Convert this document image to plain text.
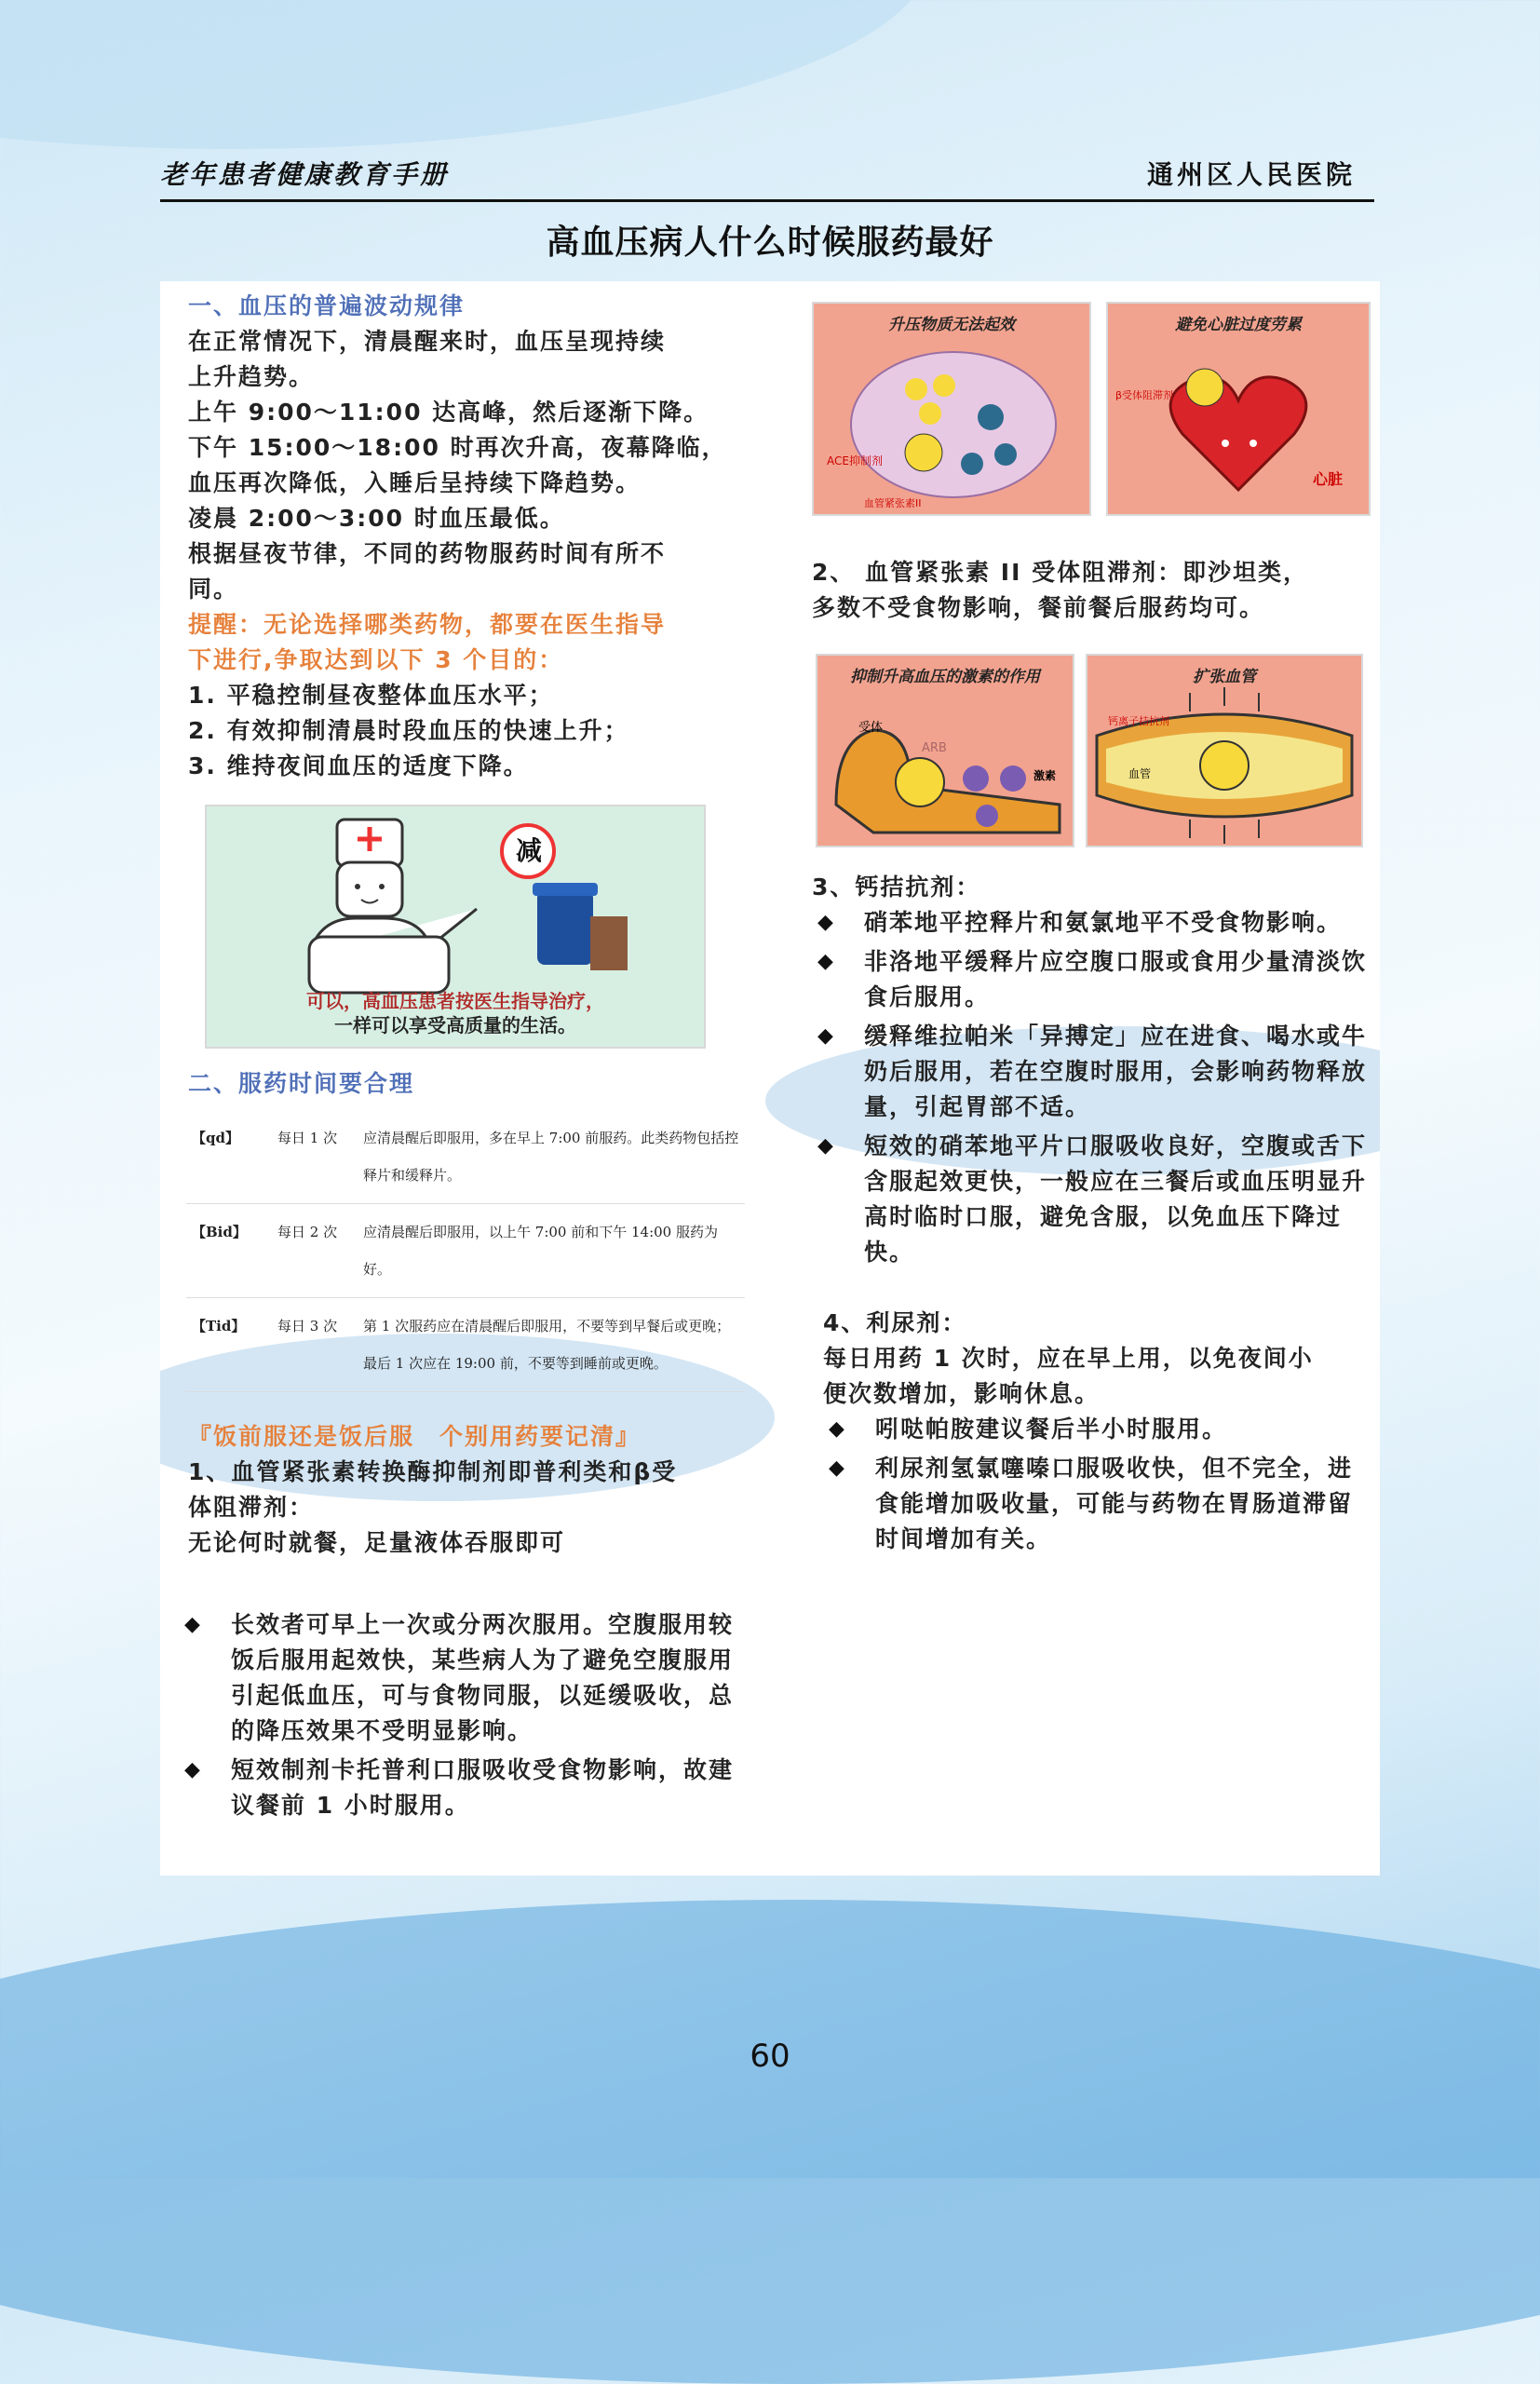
老年患者健康教育手册	通州区人民医院
高血压病人什么时候服药最好

一、血压的普遍波动规律

在正常情况下，清晨醒来时，血压呈现持续

上升趋势。

上午 9:00～11:00 达高峰，然后逐渐下降。

下午 15:00～18:00 时再次升高，夜幕降临，

血压再次降低，入睡后呈持续下降趋势。

凌晨 2:00～3:00 时血压最低。

根据昼夜节律，不同的药物服药时间有所不

同。

提醒：无论选择哪类药物，都要在医生指导

下进行,争取达到以下 3 个目的：

1. 平稳控制昼夜整体血压水平；

2. 有效抑制清晨时段血压的快速上升；

3. 维持夜间血压的适度下降。

减
可以，高血压患者按医生指导治疗，
一样可以享受高质量的生活。
二、服药时间要合理
【qd】	每日 1 次	应清晨醒后即服用，多在早上 7:00 前服药。此类药物包括控释片和缓释片。
【Bid】	每日 2 次	应清晨醒后即服用，以上午 7:00 前和下午 14:00 服药为好。
【Tid】	每日 3 次	第 1 次服药应在清晨醒后即服用，不要等到早餐后或更晚；最后 1 次应在 19:00 前，不要等到睡前或更晚。

『饭前服还是饭后服　个别用药要记清』

1、血管紧张素转换酶抑制剂即普利类和β受

体阻滞剂：

无论何时就餐，足量液体吞服即可

◆ 长效者可早上一次或分两次服用。空腹服用较饭后服用起效快，某些病人为了避免空腹服用引起低血压，可与食物同服，以延缓吸收，总的降压效果不受明显影响。
◆ 短效制剂卡托普利口服吸收受食物影响，故建议餐前 1 小时服用。
升压物质无法起效
ACE抑制剂
血管紧张素II
避免心脏过度劳累
β受体阻滞剂
心脏

2、 血管紧张素 II 受体阻滞剂：即沙坦类，

多数不受食物影响，餐前餐后服药均可。

抑制升高血压的激素的作用
受体
ARB
激素
扩张血管
钙离子拮抗剂
血管

3、钙拮抗剂：

◆ 硝苯地平控释片和氨氯地平不受食物影响。
◆ 非洛地平缓释片应空腹口服或食用少量清淡饮食后服用。
◆ 缓释维拉帕米「异搏定」应在进食、喝水或牛奶后服用，若在空腹时服用，会影响药物释放量，引起胃部不适。
◆ 短效的硝苯地平片口服吸收良好，空腹或舌下含服起效更快，一般应在三餐后或血压明显升高时临时口服，避免含服，以免血压下降过快。

4、利尿剂：

每日用药 1 次时，应在早上用，以免夜间小

便次数增加，影响休息。

◆ 吲哒帕胺建议餐后半小时服用。
◆ 利尿剂氢氯噻嗪口服吸收快，但不完全，进食能增加吸收量，可能与药物在胃肠道滞留时间增加有关。
60
